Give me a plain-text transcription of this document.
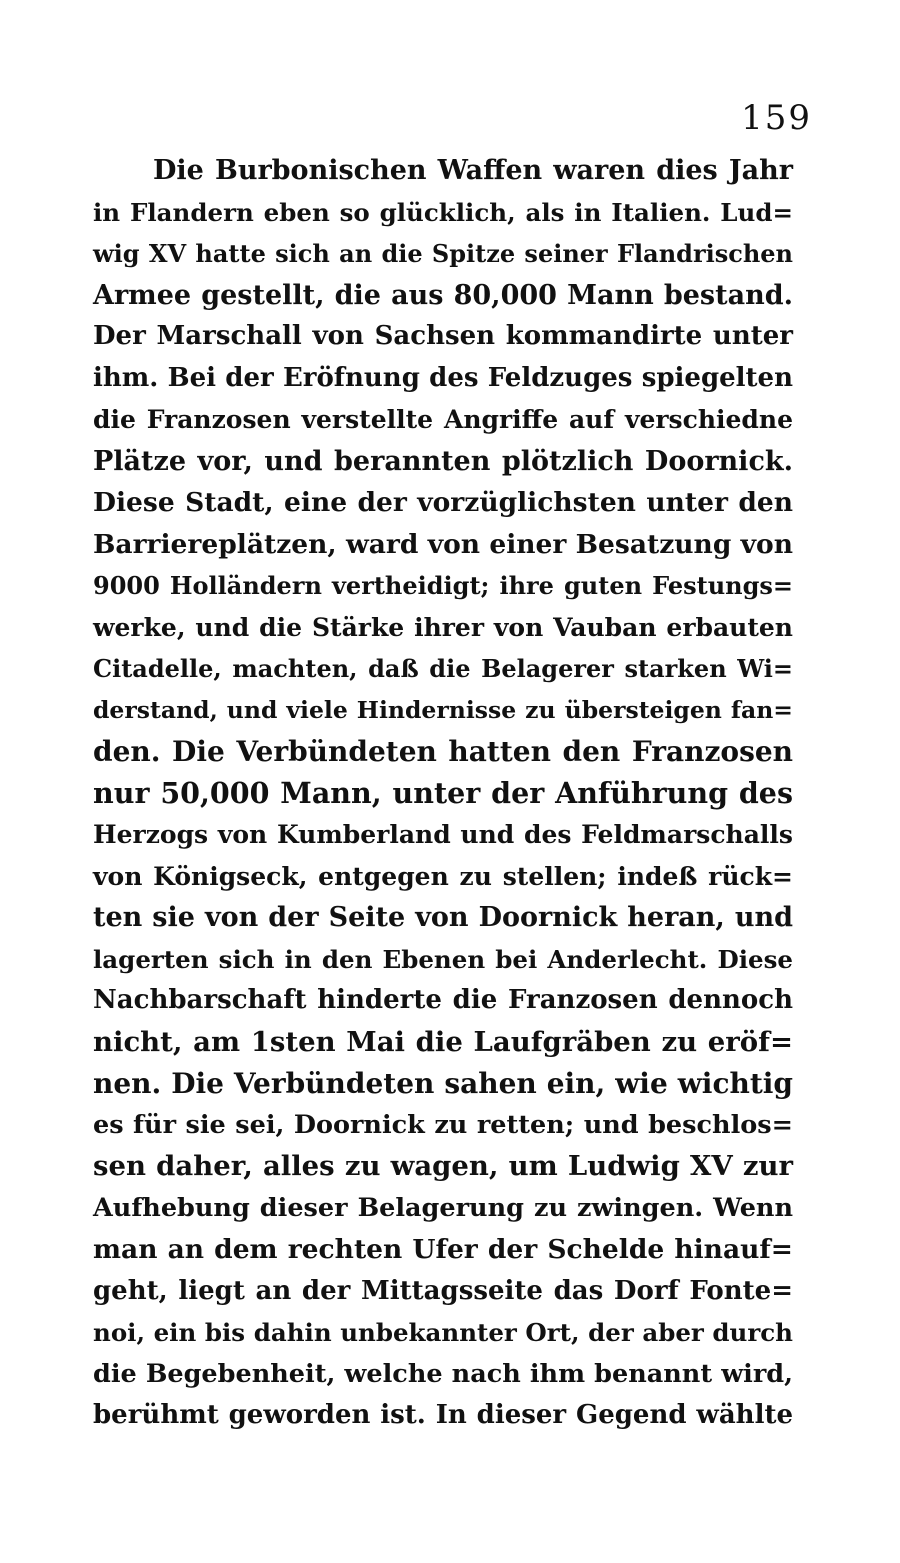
159
Die Burbonischen Waffen waren dies Jahr
in Flandern eben so glücklich, als in Italien. Lud=
wig XV hatte sich an die Spitze seiner Flandrischen
Armee gestellt, die aus 80,000 Mann bestand.
Der Marschall von Sachsen kommandirte unter
ihm. Bei der Eröfnung des Feldzuges spiegelten
die Franzosen verstellte Angriffe auf verschiedne
Plätze vor, und berannten plötzlich Doornick.
Diese Stadt, eine der vorzüglichsten unter den
Barriereplätzen, ward von einer Besatzung von
9000 Holländern vertheidigt; ihre guten Festungs=
werke, und die Stärke ihrer von Vauban erbauten
Citadelle, machten, daß die Belagerer starken Wi=
derstand, und viele Hindernisse zu übersteigen fan=
den. Die Verbündeten hatten den Franzosen
nur 50,000 Mann, unter der Anführung des
Herzogs von Kumberland und des Feldmarschalls
von Königseck, entgegen zu stellen; indeß rück=
ten sie von der Seite von Doornick heran, und
lagerten sich in den Ebenen bei Anderlecht. Diese
Nachbarschaft hinderte die Franzosen dennoch
nicht, am 1sten Mai die Laufgräben zu eröf=
nen. Die Verbündeten sahen ein, wie wichtig
es für sie sei, Doornick zu retten; und beschlos=
sen daher, alles zu wagen, um Ludwig XV zur
Aufhebung dieser Belagerung zu zwingen. Wenn
man an dem rechten Ufer der Schelde hinauf=
geht, liegt an der Mittagsseite das Dorf Fonte=
noi, ein bis dahin unbekannter Ort, der aber durch
die Begebenheit, welche nach ihm benannt wird,
berühmt geworden ist. In dieser Gegend wählte
